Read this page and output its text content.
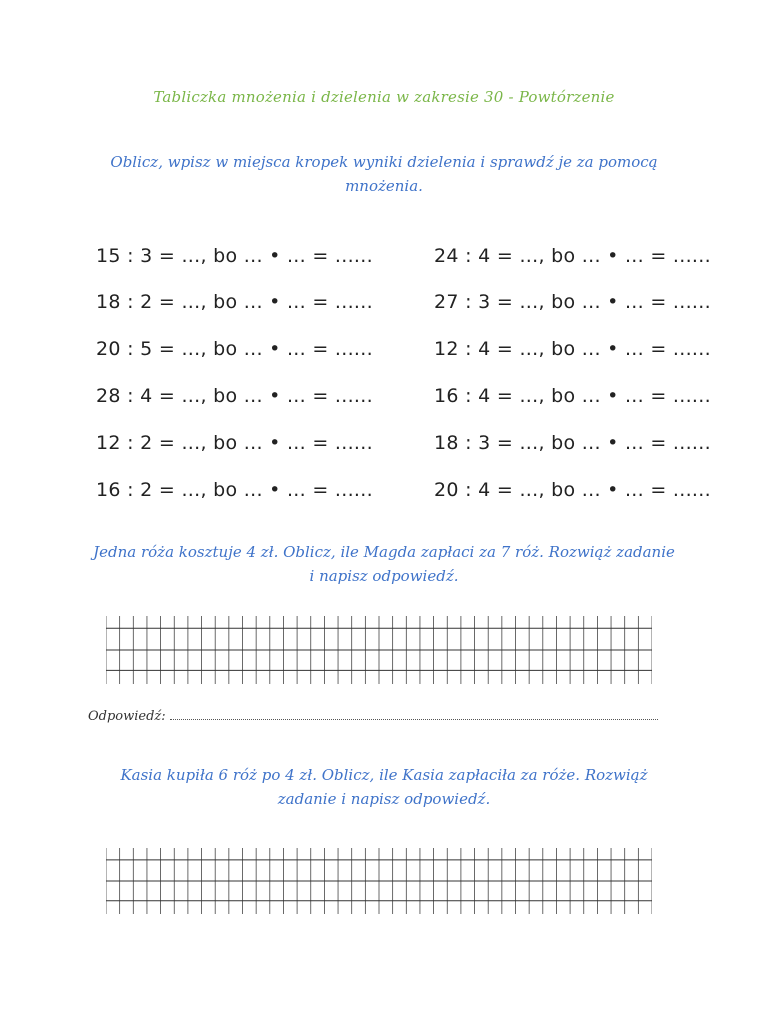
Tabliczka mnożenia i dzielenia w zakresie 30 - Powtórzenie
Oblicz, wpisz w miejsca kropek wyniki dzielenia i sprawdź je za pomocą mnożenia.
15 : 3 = ..., bo ... • ... = ......
18 : 2 = ..., bo ... • ... = ......
20 : 5 = ..., bo ... • ... = ......
28 : 4 = ..., bo ... • ... = ......
12 : 2 = ..., bo ... • ... = ......
16 : 2 = ..., bo ... • ... = ......
24 : 4 = ..., bo ... • ... = ......
27 : 3 = ..., bo ... • ... = ......
12 : 4 = ..., bo ... • ... = ......
16 : 4 = ..., bo ... • ... = ......
18 : 3 = ..., bo ... • ... = ......
20 : 4 = ..., bo ... • ... = ......
Jedna róża kosztuje 4 zł. Oblicz, ile Magda zapłaci za 7 róż. Rozwiąż zadanie i napisz odpowiedź.
Odpowiedź:
Kasia kupiła 6 róż po 4 zł. Oblicz, ile Kasia zapłaciła za róże. Rozwiąż zadanie i napisz odpowiedź.
